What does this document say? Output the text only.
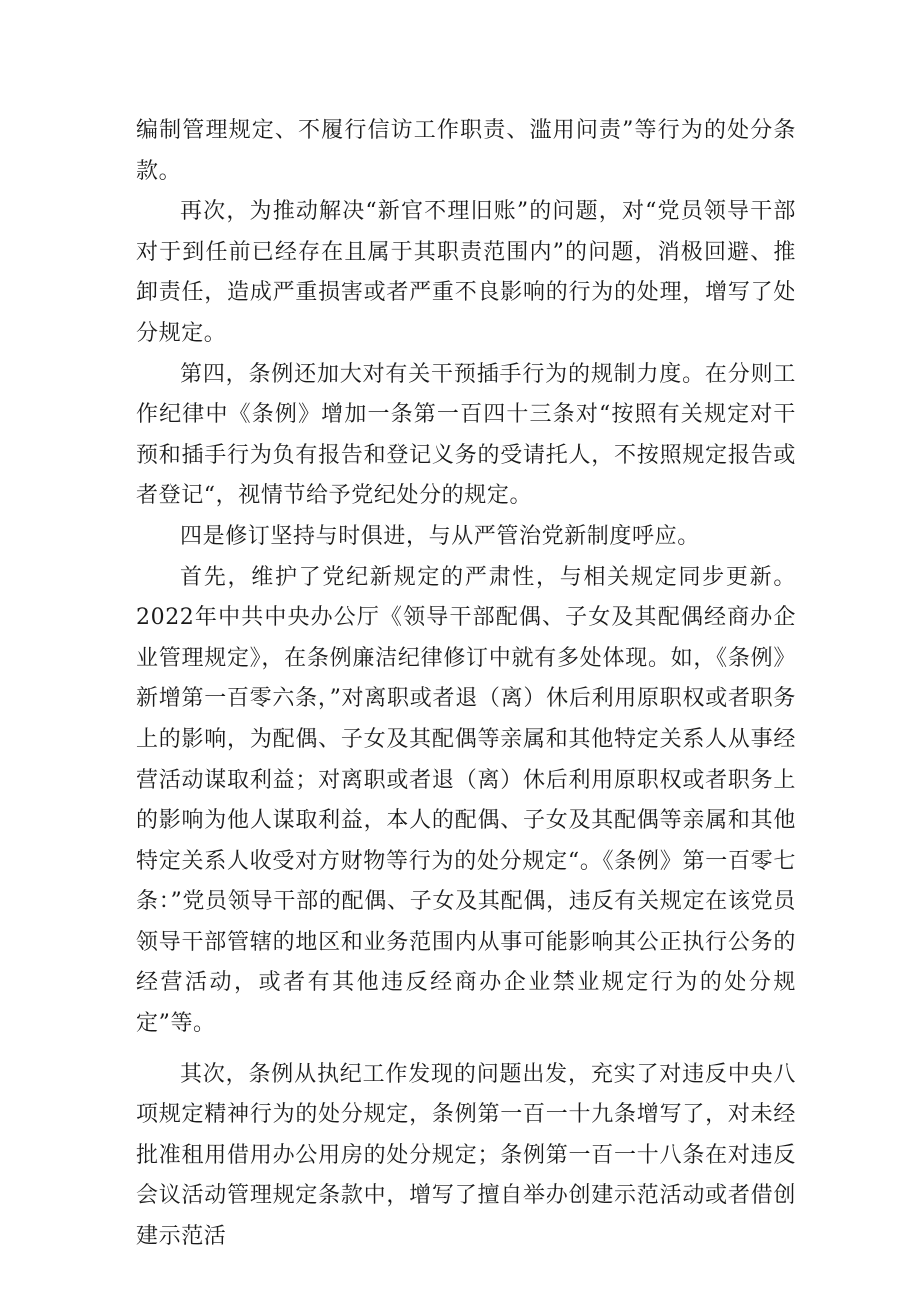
编制管理规定、不履行信访工作职责、滥用问责”等行为的处分条款。

再次，为推动解决“新官不理旧账”的问题，对“党员领导干部对于到任前已经存在且属于其职责范围内”的问题，消极回避、推卸责任，造成严重损害或者严重不良影响的行为的处理，增写了处分规定。

第四，条例还加大对有关干预插手行为的规制力度。在分则工作纪律中《条例》增加一条第一百四十三条对“按照有关规定对干预和插手行为负有报告和登记义务的受请托人，不按照规定报告或者登记“，视情节给予党纪处分的规定。

四是修订坚持与时俱进，与从严管治党新制度呼应。

首先，维护了党纪新规定的严肃性，与相关规定同步更新。2022年中共中央办公厅《领导干部配偶、子女及其配偶经商办企业管理规定》，在条例廉洁纪律修订中就有多处体现。如，《条例》新增第一百零六条，”对离职或者退（离）休后利用原职权或者职务上的影响，为配偶、子女及其配偶等亲属和其他特定关系人从事经营活动谋取利益；对离职或者退（离）休后利用原职权或者职务上的影响为他人谋取利益，本人的配偶、子女及其配偶等亲属和其他特定关系人收受对方财物等行为的处分规定“。《条例》第一百零七条：”党员领导干部的配偶、子女及其配偶，违反有关规定在该党员领导干部管辖的地区和业务范围内从事可能影响其公正执行公务的经营活动，或者有其他违反经商办企业禁业规定行为的处分规定”等。

其次，条例从执纪工作发现的问题出发，充实了对违反中央八项规定精神行为的处分规定，条例第一百一十九条增写了，对未经批准租用借用办公用房的处分规定；条例第一百一十八条在对违反会议活动管理规定条款中，增写了擅自举办创建示范活动或者借创建示范活
